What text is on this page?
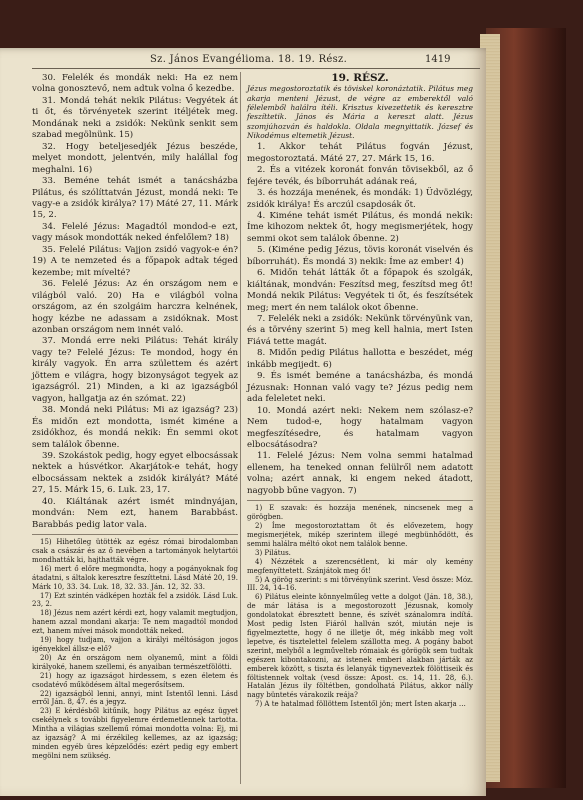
Sz. János Evangélioma. 18. 19. Rész.	1419

30. Felelék és mondák neki: Ha ez nem volna gonosztevő, nem adtuk volna ő kezedbe.

31. Mondá tehát nekik Pilátus: Vegyétek át ti őt, és törvényetek szerint itéljétek meg. Mondának neki a zsidók: Nekünk senkit sem szabad megölnünk. 15)

32. Hogy beteljesedjék Jézus beszéde, melyet mondott, jelentvén, mily halállal fog meghalni. 16)

33. Beméne tehát ismét a tanácsházba Pilátus, és szólíttatván Jézust, mondá neki: Te vagy-e a zsidók királya? 17) Máté 27, 11. Márk 15, 2.

34. Felelé Jézus: Magadtól mondod-e ezt, vagy mások mondották neked énfelőlem? 18)

35. Felelé Pilátus: Vajjon zsidó vagyok-e én? 19) A te nemzeted és a főpapok adtak téged kezembe; mit mívelté?

36. Felelé Jézus: Az én országom nem e világból való. 20) Ha e világból volna országom, az én szolgáim harczra kelnének, hogy kézbe ne adassam a zsidóknak. Most azonban országom nem innét való.

37. Mondá erre neki Pilátus: Tehát király vagy te? Felelé Jézus: Te mondod, hogy én király vagyok. Én arra születtem és azért jöttem e világra, hogy bizonyságot tegyek az igazságról. 21) Minden, a ki az igazságból vagyon, hallgatja az én szómat. 22)

38. Mondá neki Pilátus: Mi az igazság? 23) És midőn ezt mondotta, ismét kiméne a zsidókhoz, és mondá nekik: Én semmi okot sem találok őbenne.

39. Szokástok pedig, hogy egyet elbocsássak nektek a húsvétkor. Akarjátok-e tehát, hogy elbocsássam nektek a zsidók királyát? Máté 27, 15. Márk 15, 6. Luk. 23, 17.

40. Kiáltának azért ismét mindnyájan, mondván: Nem ezt, hanem Barabbást. Barabbás pedig lator vala.

15) Hihetőleg ütötték az egész római birodalomban csak a császár és az ő nevében a tartományok helytartói mondhatták ki, hajthatták végre.

16) mert ő előre megmondta, hogy a pogányoknak fog átadatni, s általok keresztre feszíttetni. Lásd Máté 20, 19. Márk 10, 33. 34. Luk. 18, 32. 33. Ján. 12, 32. 33.

17) Ezt szintén vádképen hozták fel a zsidók. Lásd Luk. 23, 2.

18) Jézus nem azért kérdi ezt, hogy valamit megtudjon, hanem azzal mondani akarja: Te nem magadtól mondod ezt, hanem mívei mások mondották neked.

19) hogy tudjam, vajjon a királyi méltóságon jogos igényekkel állsz-e elő?

20) Az én országom nem olyanemű, mint a földi királyoké, hanem szellemi, és anyaiban természetfölötti.

21) hogy az igazságot hirdessem, s ezen életem és csodatévő működésem által megerősítsem.

22) igazságból lenni, annyi, mint Istentől lenni. Lásd erről Ján. 8, 47. és a jegyz.

23) E kérdésből kitűnik, hogy Pilátus az egész ügyet csekélynek s további figyelemre érdemetlennek tartotta. Mintha a világias szellemű római mondotta volna: Ej, mi az igazság? A mi érzékileg kellemes, az az igazság; minden egyéb üres képzelődés: ezért pedig egy embert megölni nem szükség.

19. RÉSZ.

Jézus megostoroztatik és töviskel koronáztatik. Pilátus meg akarja menteni Jézust, de végre az emberektől való félelemből halálra ítéli. Krisztus kivezettetik és keresztre feszíttetik. János és Mária a kereszt alatt. Jézus szomjúhozván és haldokla. Oldala megnyittatik. József és Nikodémus eltemetik Jézust.

1. Akkor tehát Pilátus fogván Jézust, megostoroztatá. Máté 27, 27. Márk 15, 16.

2. És a vitézek koronát fonván tövisekből, az ő fejére tevék, és bíborruhát adának reá,

3. és hozzája menének, és mondák: 1) Üdvözlégy, zsidók királya! És arczúl csapdosák őt.

4. Kiméne tehát ismét Pilátus, és mondá nekik: Íme kihozom nektek őt, hogy megismerjétek, hogy semmi okot sem találok őbenne. 2)

5. (Kiméne pedig Jézus, tövis koronát viselvén és bíborruhát). És mondá 3) nekik: Íme az ember! 4)

6. Midőn tehát látták őt a főpapok és szolgák, kiáltának, mondván: Feszítsd meg, feszítsd meg őt! Mondá nekik Pilátus: Vegyétek ti őt, és feszítsétek meg; mert én nem találok okot őbenne.

7. Felelék neki a zsidók: Nekünk törvényünk van, és a törvény szerint 5) meg kell halnia, mert Isten Fiává tette magát.

8. Midőn pedig Pilátus hallotta e beszédet, még inkább megijedt. 6)

9. És ismét beméne a tanácsházba, és mondá Jézusnak: Honnan való vagy te? Jézus pedig nem ada feleletet neki.

10. Mondá azért neki: Nekem nem szólasz-e? Nem tudod-e, hogy hatalmam vagyon megfeszítésedre, és hatalmam vagyon elbocsátásodra?

11. Felelé Jézus: Nem volna semmi hatalmad ellenem, ha teneked onnan felülről nem adatott volna; azért annak, ki engem neked átadott, nagyobb bűne vagyon. 7)

1) E szavak: és hozzája menének, nincsenek meg a görögben.

2) Íme megostoroztattam őt és elővezetem, hogy megismerjétek, mikép szerintem illegé megbünhődött, és semmi halálra méltó okot nem találok benne.

3) Pilátus.

4) Nézzétek a szerencsétlent, ki már oly kemény megfenyíttetett. Szánjátok meg őt!

5) A görög szerint: s mi törvényünk szerint. Vesd össze: Móz. III. 24, 14–16.

6) Pilátus eleinte könnyelműleg vette a dolgot (Ján. 18, 38.), de már látása is a megostorozott Jézusnak, komoly gondolatokat ébresztett benne, és szívét szánalomra indítá. Most pedig Isten Fiáról hallván szót, miután neje is figyelmeztette, hogy ő ne illetje őt, még inkább meg volt lepetve, és tisztelettel felelem szállotta meg. A pogány babot szerint, melyből a legművelteb rómaiak és görögök sem tudtak egészen kibontakozni, az istenek emberi alakban járták az emberek között, s tiszta és lelanyák tigyneveztek fölöttiseik és föltistennek voltak (vesd össze: Apost. cs. 14, 11. 28, 6.). Hatalán Jézus ily föltétben, gondolhatá Pilátus, akkor nálly nagy büntetés várakozik reája?

7) A te hatalmad föllöttem Istentől jön; mert Isten akarja …
